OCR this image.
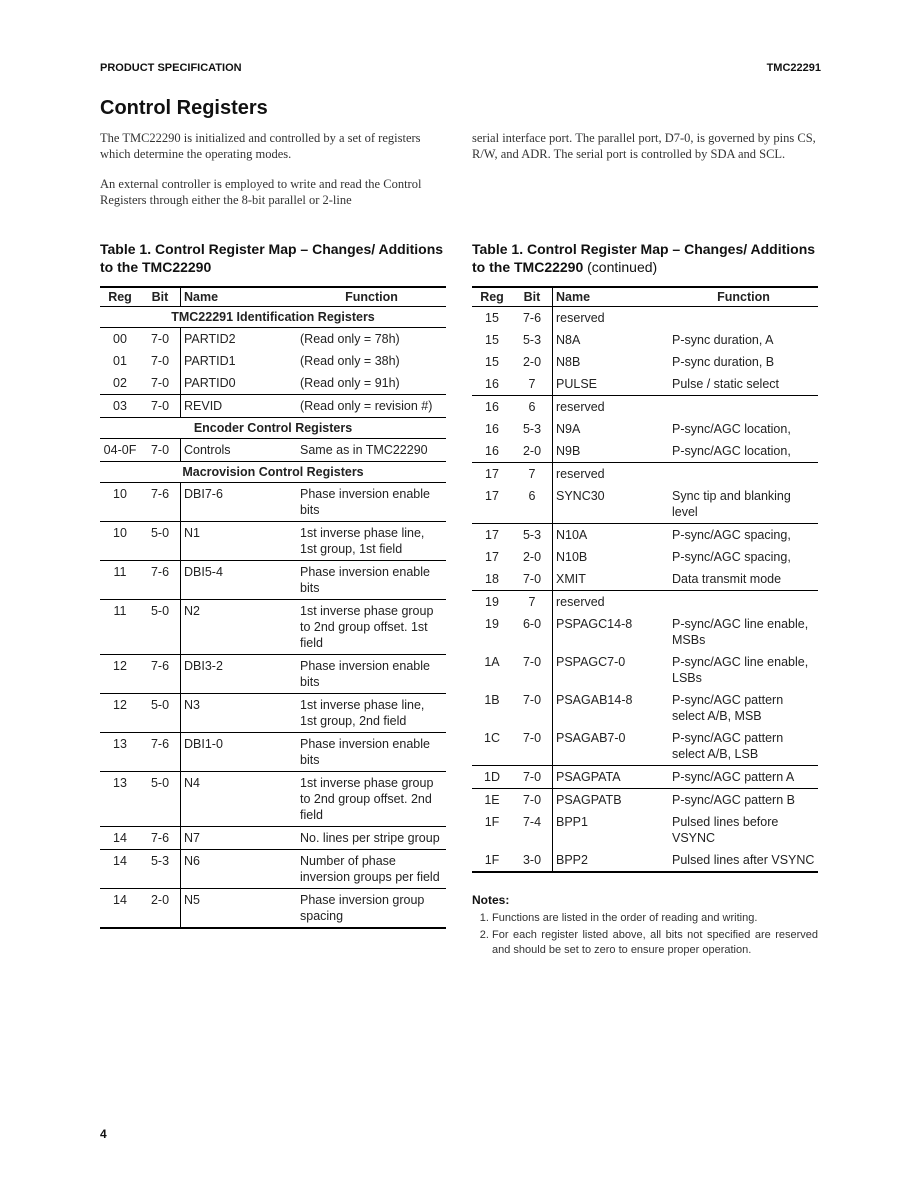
PRODUCT SPECIFICATION	TMC22291
Control Registers

The TMC22290 is initialized and controlled by a set of registers which determine the operating modes.

An external controller is employed to write and read the Control Registers through either the 8-bit parallel or 2-line

serial interface port. The parallel port, D7-0, is governed by pins CS, R/W, and ADR. The serial port is controlled by SDA and SCL.

Table 1. Control Register Map – Changes/ Additions to the TMC22290
Table 1. Control Register Map – Changes/ Additions to the TMC22290 (continued)
Reg	Bit	Name	Function
TMC22291 Identification Registers			
00	7-0	PARTID2	(Read only = 78h)
01	7-0	PARTID1	(Read only = 38h)
02	7-0	PARTID0	(Read only = 91h)
03	7-0	REVID	(Read only = revision #)
Encoder Control Registers			
04-0F	7-0	Controls	Same as in TMC22290
Macrovision Control Registers			
10	7-6	DBI7-6	Phase inversion enable bits
10	5-0	N1	1st inverse phase line, 1st group, 1st field
11	7-6	DBI5-4	Phase inversion enable bits
11	5-0	N2	1st inverse phase group to 2nd group offset. 1st field
12	7-6	DBI3-2	Phase inversion enable bits
12	5-0	N3	1st inverse phase line, 1st group, 2nd field
13	7-6	DBI1-0	Phase inversion enable bits
13	5-0	N4	1st inverse phase group to 2nd group offset. 2nd field
14	7-6	N7	No. lines per stripe group
14	5-3	N6	Number of phase inversion groups per field
14	2-0	N5	Phase inversion group spacing
Reg	Bit	Name	Function
15	7-6	reserved	
15	5-3	N8A	P-sync duration, A
15	2-0	N8B	P-sync duration, B
16	7	PULSE	Pulse / static select
16	6	reserved	
16	5-3	N9A	P-sync/AGC location,
16	2-0	N9B	P-sync/AGC location,
17	7	reserved	
17	6	SYNC30	Sync tip and blanking level
17	5-3	N10A	P-sync/AGC spacing,
17	2-0	N10B	P-sync/AGC spacing,
18	7-0	XMIT	Data transmit mode
19	7	reserved	
19	6-0	PSPAGC14-8	P-sync/AGC line enable, MSBs
1A	7-0	PSPAGC7-0	P-sync/AGC line enable, LSBs
1B	7-0	PSAGAB14-8	P-sync/AGC pattern select A/B, MSB
1C	7-0	PSAGAB7-0	P-sync/AGC pattern select A/B, LSB
1D	7-0	PSAGPATA	P-sync/AGC pattern A
1E	7-0	PSAGPATB	P-sync/AGC pattern B
1F	7-4	BPP1	Pulsed lines before VSYNC
1F	3-0	BPP2	Pulsed lines after VSYNC
Notes:
1. Functions are listed in the order of reading and writing.
2. For each register listed above, all bits not specified are reserved and should be set to zero to ensure proper operation.
4
